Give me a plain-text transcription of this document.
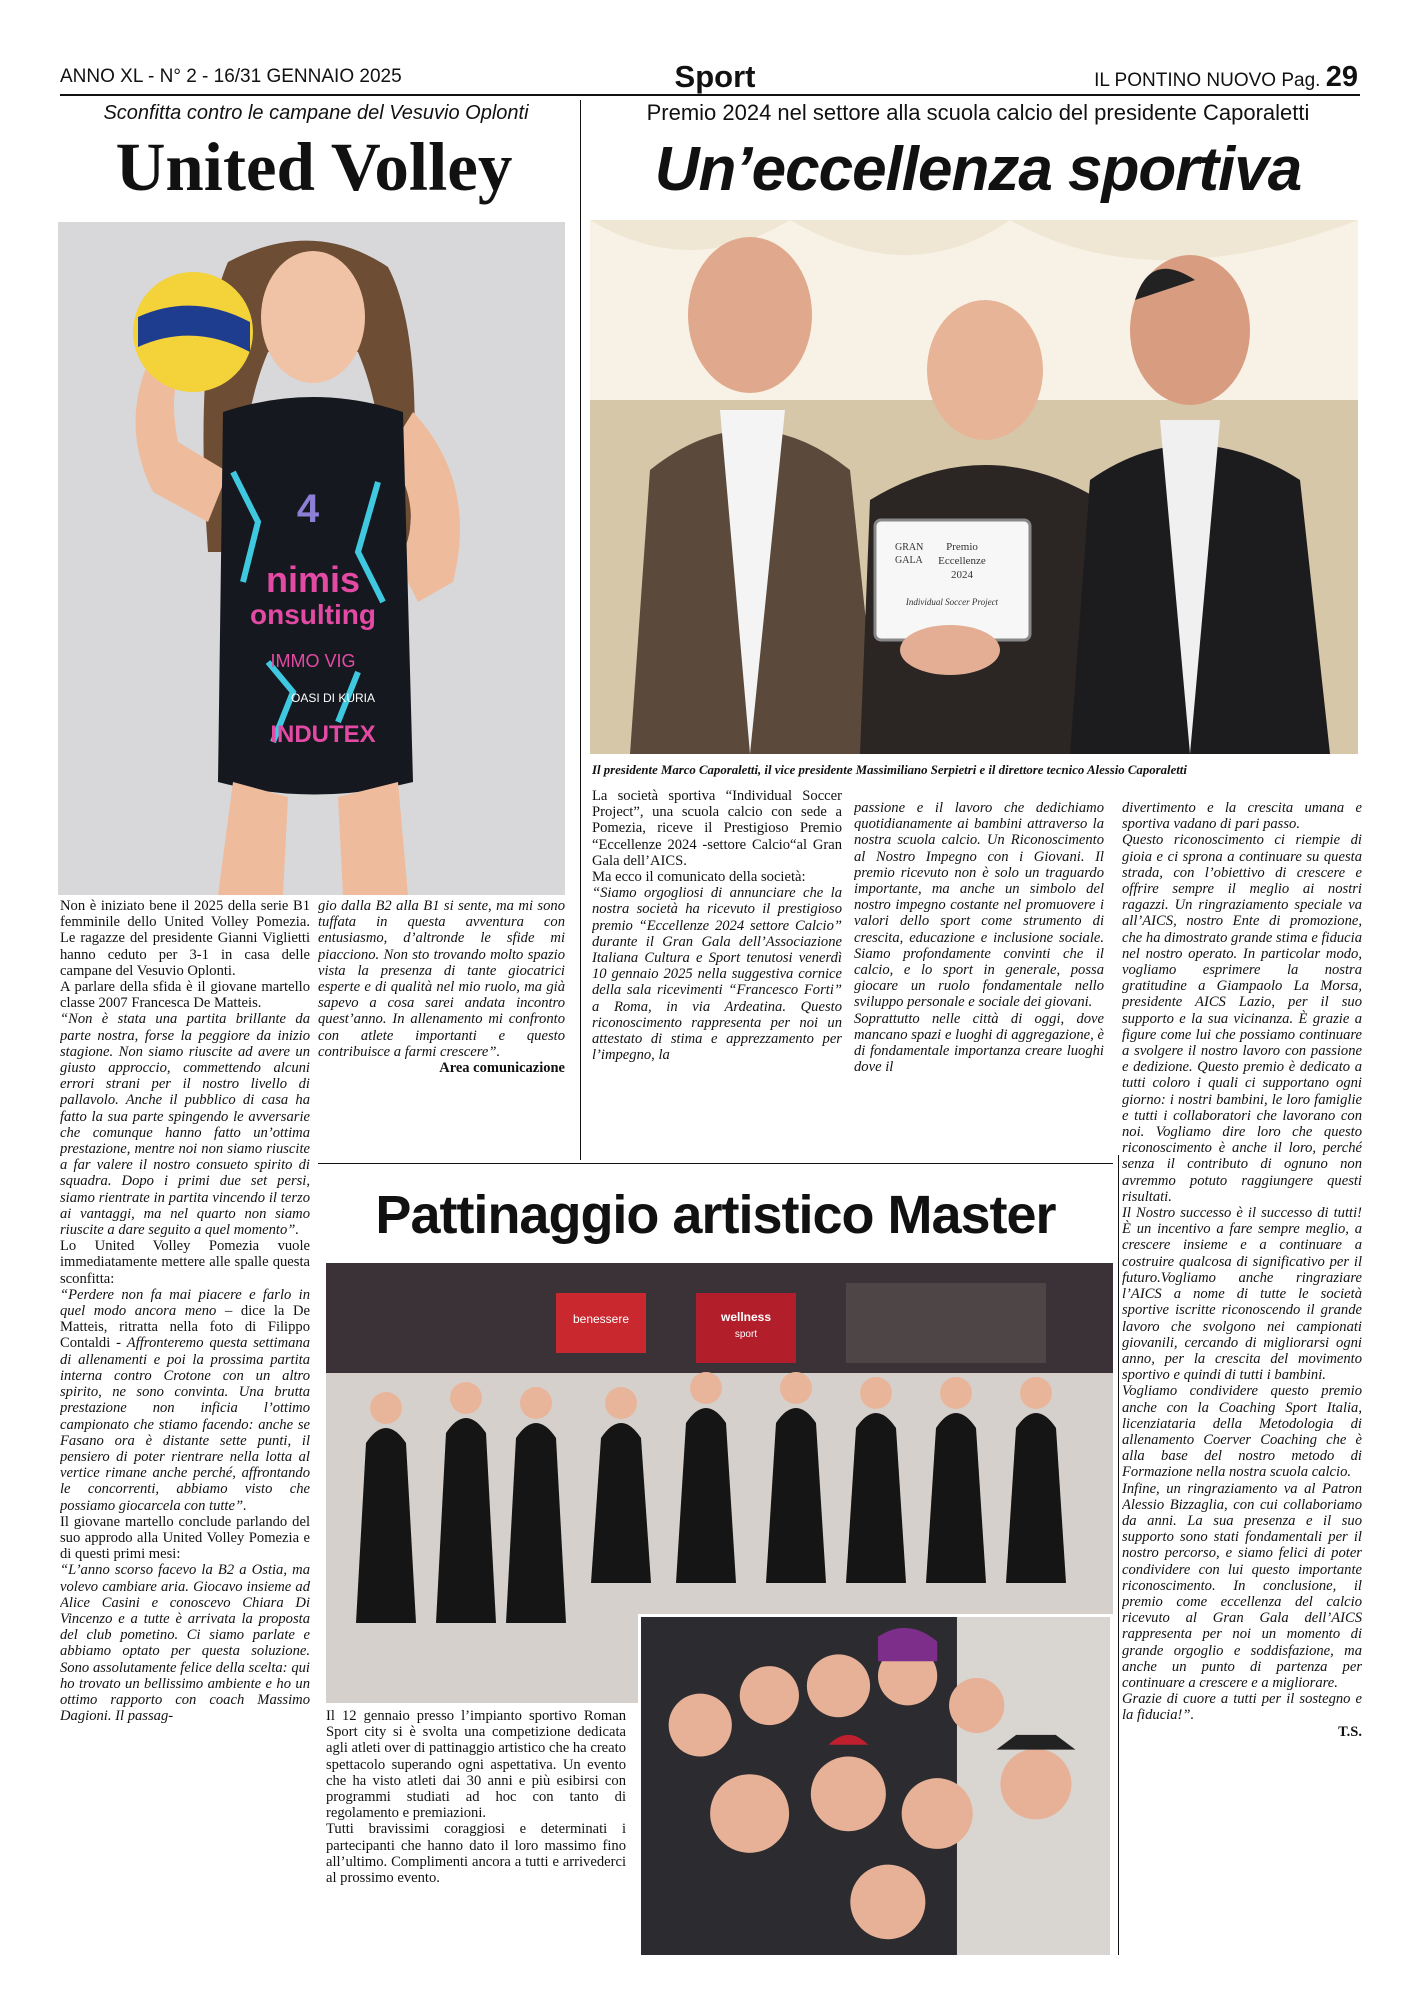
ANNO XL - N° 2 - 16/31 GENNAIO 2025	Sport	IL PONTINO NUOVO Pag. 29
Sconfitta contro le campane del Vesuvio Oplonti
United Volley
4
nimis
onsulting
IMMO VIG
OASI DI KURIA
INDUTEX

Non è iniziato bene il 2025 della serie B1 femminile dello United Volley Pomezia. Le ragazze del presidente Gianni Viglietti hanno ceduto per 3-1 in casa delle campane del Vesuvio Oplonti.

A parlare della sfida è il giovane martello classe 2007 Francesca De Matteis.

“Non è stata una partita brillante da parte nostra, forse la peggiore da inizio stagione. Non siamo riuscite ad avere un giusto approccio, commettendo alcuni errori strani per il nostro livello di pallavolo. Anche il pubblico di casa ha fatto la sua parte spingendo le avversarie che comunque hanno fatto un’ottima prestazione, mentre noi non siamo riuscite a far valere il nostro consueto spirito di squadra. Dopo i primi due set persi, siamo rientrate in partita vincendo il terzo ai vantaggi, ma nel quarto non siamo riuscite a dare seguito a quel momento”.

Lo United Volley Pomezia vuole immediatamente mettere alle spalle questa sconfitta:

“Perdere non fa mai piacere e farlo in quel modo ancora meno – dice la De Matteis, ritratta nella foto di Filippo Contaldi - Affronteremo questa settimana di allenamenti e poi la prossima partita interna contro Crotone con un altro spirito, ne sono convinta. Una brutta prestazione non inficia l’ottimo campionato che stiamo facendo: anche se Fasano ora è distante sette punti, il pensiero di poter rientrare nella lotta al vertice rimane anche perché, affrontando le concorrenti, abbiamo visto che possiamo giocarcela con tutte”.

Il giovane martello conclude parlando del suo approdo alla United Volley Pomezia e di questi primi mesi:

“L’anno scorso facevo la B2 a Ostia, ma volevo cambiare aria. Giocavo insieme ad Alice Casini e conoscevo Chiara Di Vincenzo e a tutte è arrivata la proposta del club pometino. Ci siamo parlate e abbiamo optato per questa soluzione. Sono assolutamente felice della scelta: qui ho trovato un bellissimo ambiente e ho un ottimo rapporto con coach Massimo Dagioni. Il passag-

gio dalla B2 alla B1 si sente, ma mi sono tuffata in questa avventura con entusiasmo, d’altronde le sfide mi piacciono. Non sto trovando molto spazio vista la presenza di tante giocatrici esperte e di qualità nel mio ruolo, ma già sapevo a cosa sarei andata incontro quest’anno. In allenamento mi confronto con atlete importanti e questo contribuisce a farmi crescere”.

Area comunicazione

Premio 2024 nel settore alla scuola calcio del presidente Caporaletti
Un’eccellenza sportiva
GRAN
GALA
Premio
Eccellenze
2024
Individual Soccer Project
Il presidente Marco Caporaletti, il vice presidente Massimiliano Serpietri e il direttore tecnico Alessio Caporaletti

La società sportiva “Individual Soccer Project”, una scuola calcio con sede a Pomezia, riceve il Prestigioso Premio “Eccellenze 2024 -settore Calcio“al Gran Gala dell’AICS.

Ma ecco il comunicato della società:

“Siamo orgogliosi di annunciare che la nostra società ha ricevuto il prestigioso premio “Eccellenze 2024 settore Calcio” durante il Gran Gala dell’Associazione Italiana Cultura e Sport tenutosi venerdì 10 gennaio 2025 nella suggestiva cornice della sala ricevimenti “Francesco Forti” a Roma, in via Ardeatina. Questo riconoscimento rappresenta per noi un attestato di stima e apprezzamento per l’impegno, la

passione e il lavoro che dedichiamo quotidianamente ai bambini attraverso la nostra scuola calcio. Un Riconoscimento al Nostro Impegno con i Giovani. Il premio ricevuto non è solo un traguardo importante, ma anche un simbolo del nostro impegno costante nel promuovere i valori dello sport come strumento di crescita, educazione e inclusione sociale. Siamo profondamente convinti che il calcio, e lo sport in generale, possa giocare un ruolo fondamentale nello sviluppo personale e sociale dei giovani.

Soprattutto nelle città di oggi, dove mancano spazi e luoghi di aggregazione, è di fondamentale importanza creare luoghi dove il

divertimento e la crescita umana e sportiva vadano di pari passo.

Questo riconoscimento ci riempie di gioia e ci sprona a continuare su questa strada, con l’obiettivo di crescere e offrire sempre il meglio ai nostri ragazzi. Un ringraziamento speciale va all’AICS, nostro Ente di promozione, che ha dimostrato grande stima e fiducia nel nostro operato. In particolar modo, vogliamo esprimere la nostra gratitudine a Giampaolo La Morsa, presidente AICS Lazio, per il suo supporto e la sua vicinanza. È grazie a figure come lui che possiamo continuare a svolgere il nostro lavoro con passione e dedizione. Questo premio è dedicato a tutti coloro i quali ci supportano ogni giorno: i nostri bambini, le loro famiglie e tutti i collaboratori che lavorano con noi. Vogliamo dire loro che questo riconoscimento è anche il loro, perché senza il contributo di ognuno non avremmo potuto raggiungere questi risultati.

Il Nostro successo è il successo di tutti! È un incentivo a fare sempre meglio, a crescere insieme e a continuare a costruire qualcosa di significativo per il futuro.Vogliamo anche ringraziare l’AICS a nome di tutte le società sportive iscritte riconoscendo il grande lavoro che svolgono nei campionati giovanili, cercando di migliorarsi ogni anno, per la crescita del movimento sportivo e quindi di tutti i bambini.

Vogliamo condividere questo premio anche con la Coaching Sport Italia, licenziataria della Metodologia di allenamento Coerver Coaching che è alla base del nostro metodo di Formazione nella nostra scuola calcio.

Infine, un ringraziamento va al Patron Alessio Bizzaglia, con cui collaboriamo da anni. La sua presenza e il suo supporto sono stati fondamentali per il nostro percorso, e siamo felici di poter condividere con lui questo importante riconoscimento. In conclusione, il premio come eccellenza del calcio ricevuto al Gran Gala dell’AICS rappresenta per noi un momento di grande orgoglio e soddisfazione, ma anche un punto di partenza per continuare a crescere e a migliorare.

Grazie di cuore a tutti per il sostegno e la fiducia!”.

T.S.

Pattinaggio artistico Master
benessere	wellness
sport

Il 12 gennaio presso l’impianto sportivo Roman Sport city si è svolta una competizione dedicata agli atleti over di pattinaggio artistico che ha creato spettacolo superando ogni aspettativa. Un evento che ha visto atleti dai 30 anni e più esibirsi con programmi studiati ad hoc con tanto di regolamento e premiazioni.

Tutti bravissimi coraggiosi e determinati i partecipanti che hanno dato il loro massimo fino all’ultimo. Complimenti ancora a tutti e arrivederci al prossimo evento.
